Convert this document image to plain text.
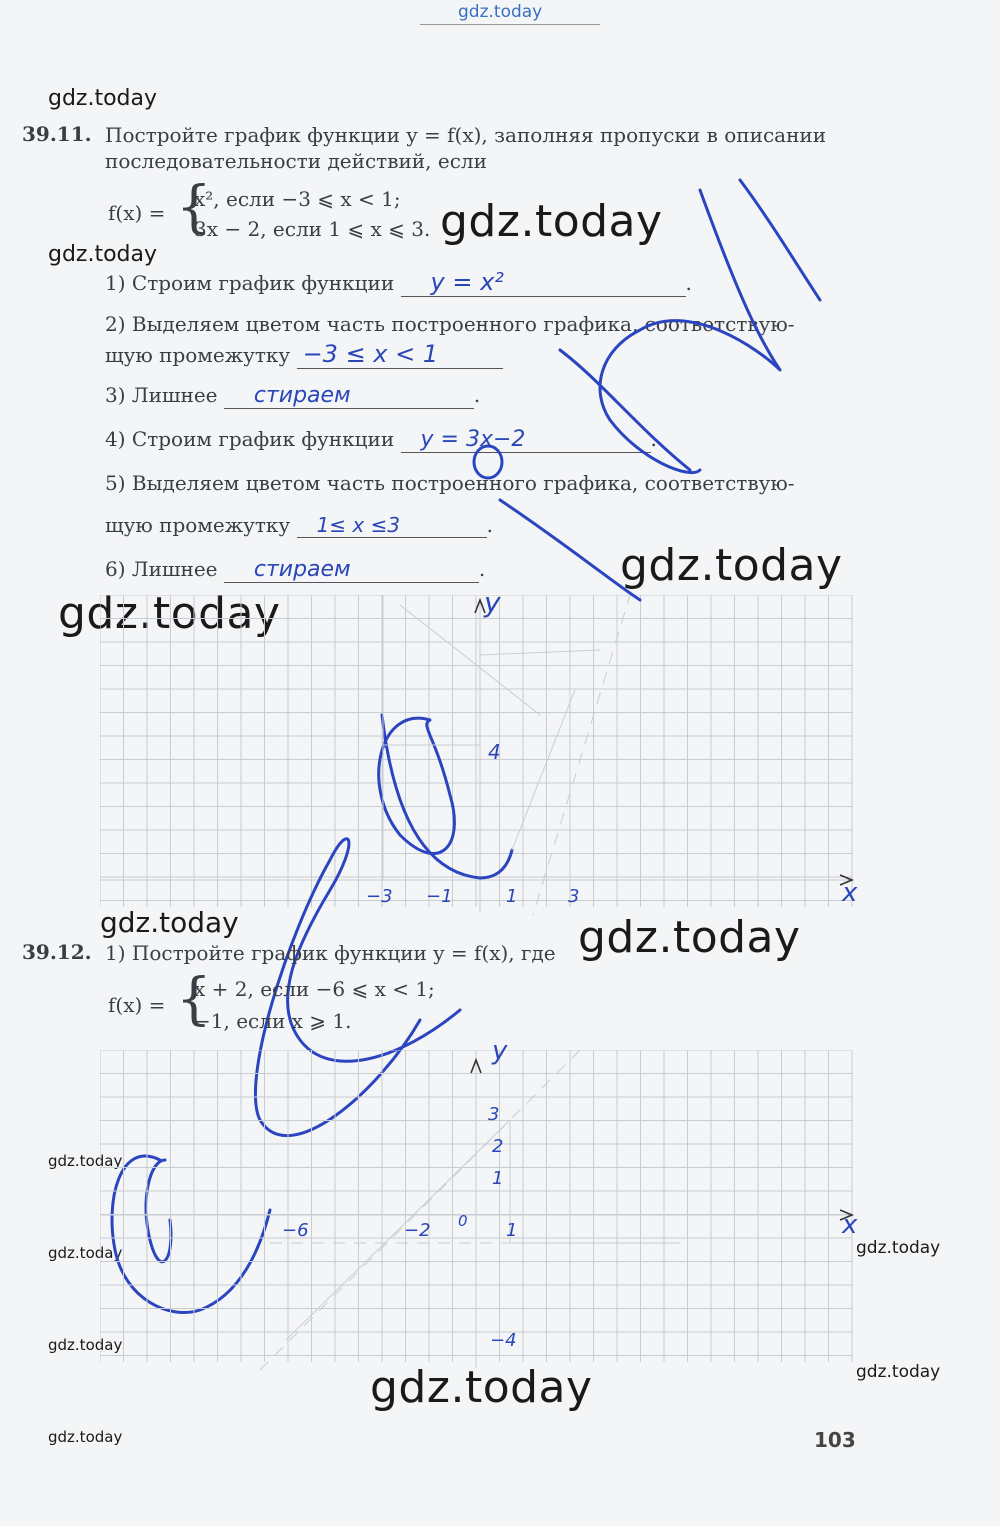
gdz.today
gdz.today
gdz.today
gdz.today
gdz.today
gdz.today
gdz.today	gdz.today
gdz.today
gdz.today
gdz.today
gdz.today
gdz.today
gdz.today
gdz.today
39.11. Постройте график функции y = f(x), заполняя пропуски в описании
последовательности действий, если
f(x) = {
x², если −3 ⩽ x < 1;
3x − 2, если 1 ⩽ x ⩽ 3.
1) Строим график функции y = x²	.
2) Выделяем цветом часть построенного графика, соответствую-
щую промежутку −3 ≤ x < 1
3) Лишнее стираем	.
4) Строим график функции y = 3x−2	.
5) Выделяем цветом часть построенного графика, соответствую-
щую промежутку 1≤ x ≤3	.
6) Лишнее стираем	.
y
x
4
−3 −1	1	3
39.12. 1) Постройте график функции y = f(x), где
f(x) = {
x + 2, если −6 ⩽ x < 1;
−1, если x ⩾ 1.
y
x
3
2
1
−4
−6	−2 0 1
103
